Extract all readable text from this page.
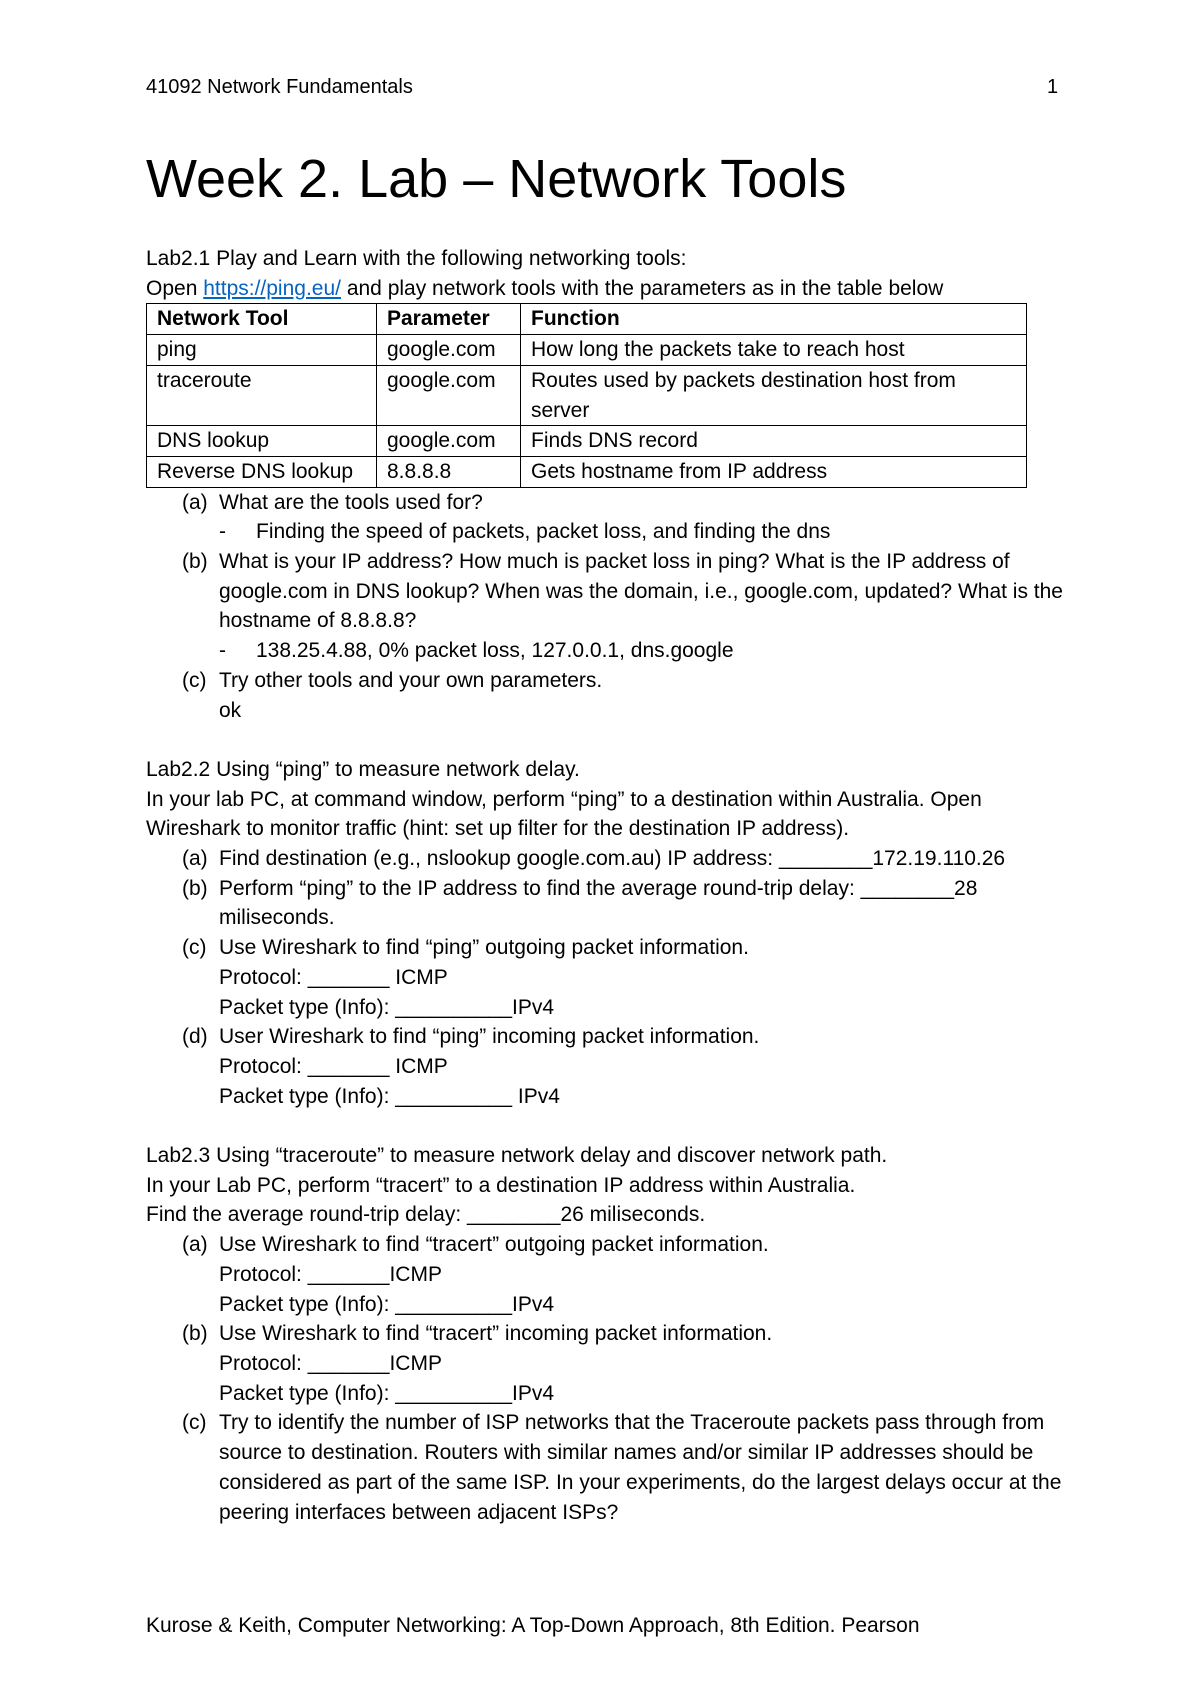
41092 Network Fundamentals	1
Week 2. Lab – Network Tools

Lab2.1 Play and Learn with the following networking tools:

Open https://ping.eu/ and play network tools with the parameters as in the table below

Network Tool	Parameter	Function
ping	google.com	How long the packets take to reach host
traceroute	google.com	Routes used by packets destination host from server
DNS lookup	google.com	Finds DNS record
Reverse DNS lookup	8.8.8.8	Gets hostname from IP address
(a) What are the tools used for?
-	Finding the speed of packets, packet loss, and finding the dns
(b) What is your IP address? How much is packet loss in ping? What is the IP address of google.com in DNS lookup? When was the domain, i.e., google.com, updated? What is the hostname of 8.8.8.8?
-	138.25.4.88, 0% packet loss, 127.0.0.1, dns.google
(c) Try other tools and your own parameters.
ok

Lab2.2 Using “ping” to measure network delay.

In your lab PC, at command window, perform “ping” to a destination within Australia. Open Wireshark to monitor traffic (hint: set up filter for the destination IP address).
(a) Find destination (e.g., nslookup google.com.au) IP address: ________172.19.110.26
(b) Perform “ping” to the IP address to find the average round-trip delay: ________28 miliseconds.
(c) Use Wireshark to find “ping” outgoing packet information.
Protocol: _______ ICMP
Packet type (Info): __________IPv4
(d) User Wireshark to find “ping” incoming packet information.
Protocol: _______ ICMP
Packet type (Info): __________ IPv4

Lab2.3 Using “traceroute” to measure network delay and discover network path.

In your Lab PC, perform “tracert” to a destination IP address within Australia.

Find the average round-trip delay: ________26 miliseconds.

(a) Use Wireshark to find “tracert” outgoing packet information.
Protocol: _______ICMP
Packet type (Info): __________IPv4
(b) Use Wireshark to find “tracert” incoming packet information.
Protocol: _______ICMP
Packet type (Info): __________IPv4
(c) Try to identify the number of ISP networks that the Traceroute packets pass through from source to destination. Routers with similar names and/or similar IP addresses should be considered as part of the same ISP. In your experiments, do the largest delays occur at the peering interfaces between adjacent ISPs?
Kurose & Keith, Computer Networking: A Top-Down Approach, 8th Edition. Pearson
